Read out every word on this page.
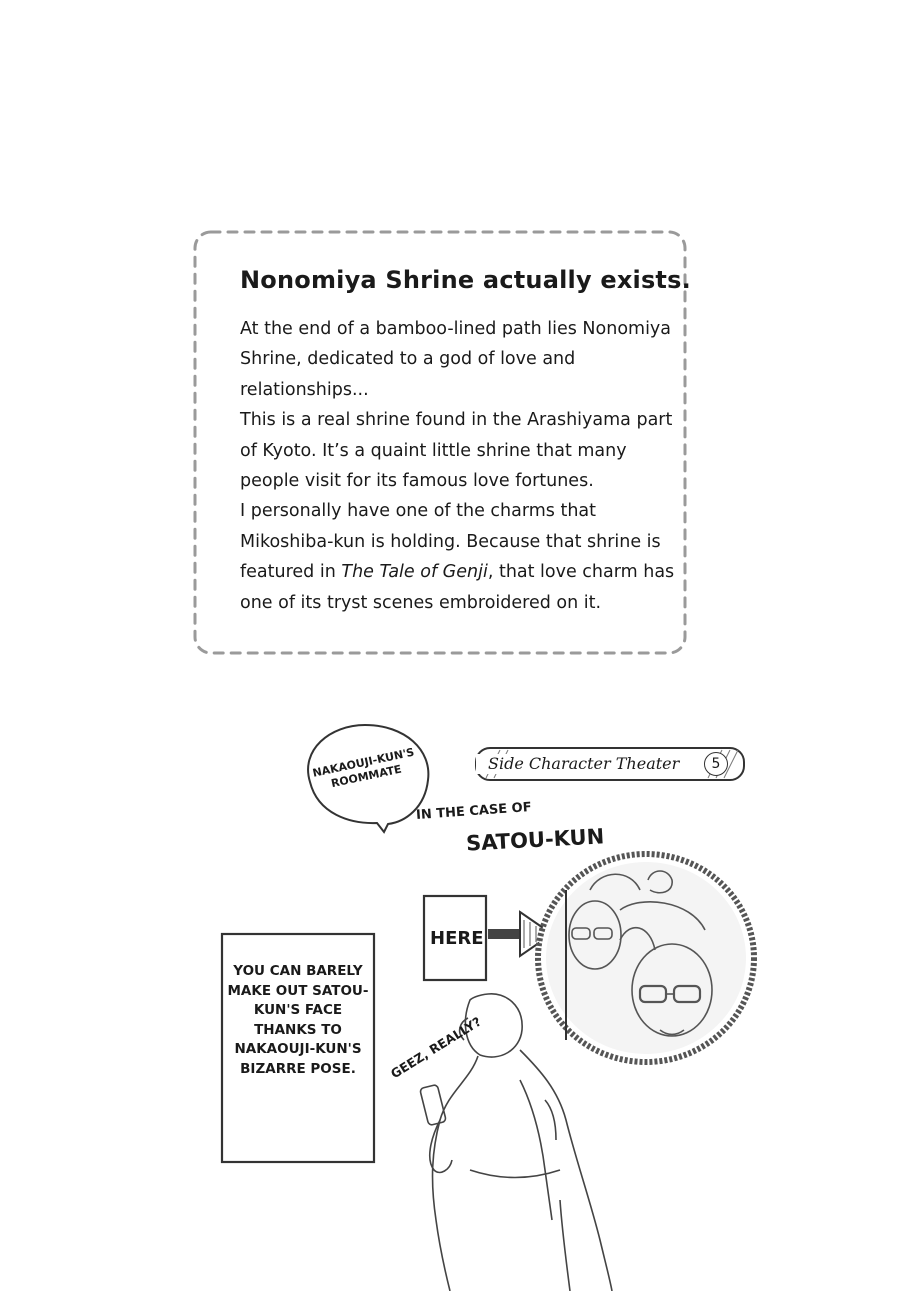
Nonomiya Shrine actually exists.

At the end of a bamboo-lined path lies Nonomiya Shrine, dedicated to a god of love and relationships...

This is a real shrine found in the Arashiyama part of Kyoto. It’s a quaint little shrine that many people visit for its famous love fortunes.

I personally have one of the charms that Mikoshiba-kun is holding. Because that shrine is featured in The Tale of Genji, that love charm has one of its tryst scenes embroidered on it.

Side Character Theater	5
NAKAOUJI-KUN'S ROOMMATE
IN THE CASE OF
SATOU-KUN
HERE
YOU CAN BARELY MAKE OUT SATOU-KUN'S FACE THANKS TO NAKAOUJI-KUN'S BIZARRE POSE.	GEEZ, REALLY?
